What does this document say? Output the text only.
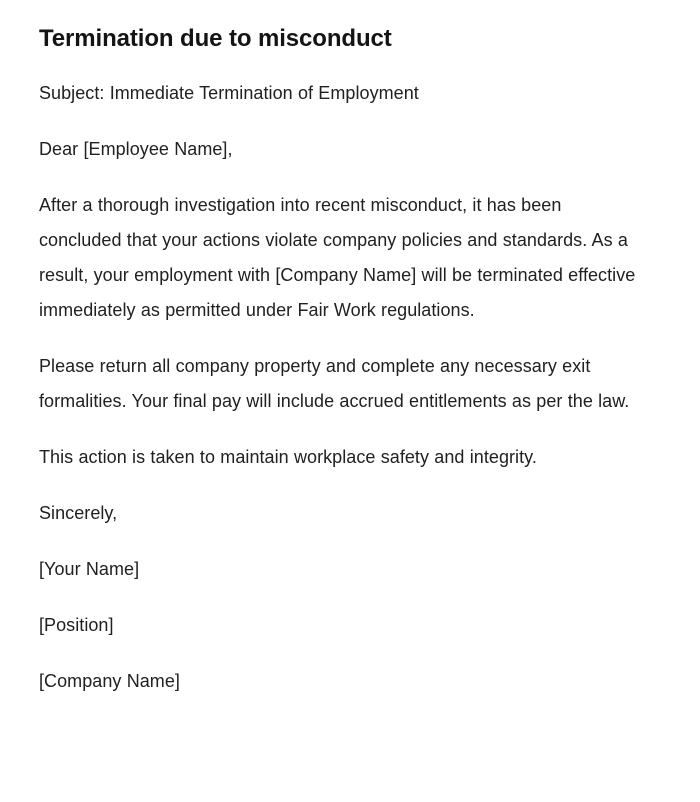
Termination due to misconduct

Subject: Immediate Termination of Employment

Dear [Employee Name],

After a thorough investigation into recent misconduct, it has been concluded that your actions violate company policies and standards. As a result, your employment with [Company Name] will be terminated effective immediately as permitted under Fair Work regulations.

Please return all company property and complete any necessary exit formalities. Your final pay will include accrued entitlements as per the law.

This action is taken to maintain workplace safety and integrity.

Sincerely,

[Your Name]

[Position]

[Company Name]
